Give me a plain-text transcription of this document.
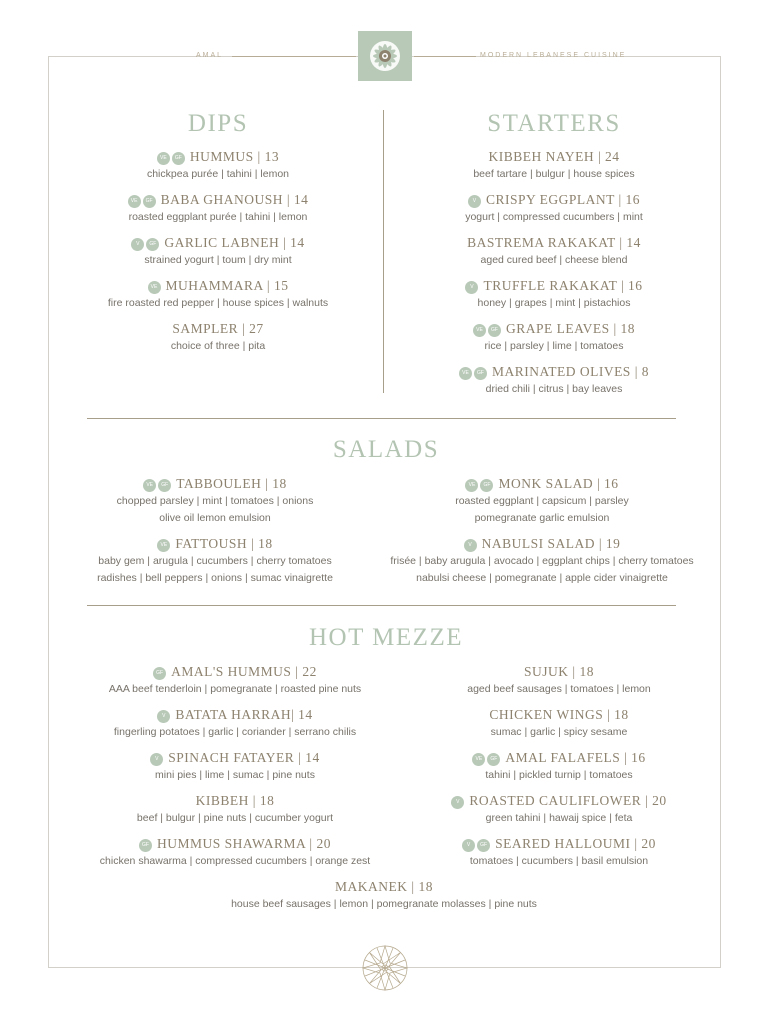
AMAL	MODERN LEBANESE CUISINE
DIPS	STARTERS
SALADS
HOT MEZZE
VE GF HUMMUS | 13
chickpea purée | tahini | lemon
VE GF BABA GHANOUSH | 14
roasted eggplant purée | tahini | lemon
V GF GARLIC LABNEH | 14
strained yogurt | toum | dry mint
VE MUHAMMARA | 15
fire roasted red pepper | house spices | walnuts
SAMPLER | 27
choice of three | pita
KIBBEH NAYEH | 24
beef tartare | bulgur | house spices
V CRISPY EGGPLANT | 16
yogurt | compressed cucumbers | mint
BASTREMA RAKAKAT | 14
aged cured beef | cheese blend
V TRUFFLE RAKAKAT | 16
honey | grapes | mint | pistachios
VE GF GRAPE LEAVES | 18
rice | parsley | lime | tomatoes
VE GF MARINATED OLIVES | 8
dried chili | citrus | bay leaves
VE GF TABBOULEH | 18
chopped parsley | mint | tomatoes | onions
olive oil lemon emulsion
VE GF MONK SALAD | 16
roasted eggplant | capsicum | parsley
pomegranate garlic emulsion
VE FATTOUSH | 18
baby gem | arugula | cucumbers | cherry tomatoes
radishes | bell peppers | onions | sumac vinaigrette
V NABULSI SALAD | 19
frisée | baby arugula | avocado | eggplant chips | cherry tomatoes
nabulsi cheese | pomegranate | apple cider vinaigrette
GF AMAL'S HUMMUS | 22
AAA beef tenderloin | pomegranate | roasted pine nuts
SUJUK | 18
aged beef sausages | tomatoes | lemon
V BATATA HARRAH| 14
fingerling potatoes | garlic | coriander | serrano chilis
CHICKEN WINGS | 18
sumac | garlic | spicy sesame
V SPINACH FATAYER | 14
mini pies | lime | sumac | pine nuts
VE GF AMAL FALAFELS | 16
tahini | pickled turnip | tomatoes
KIBBEH | 18
beef | bulgur | pine nuts | cucumber yogurt
V ROASTED CAULIFLOWER | 20
green tahini | hawaij spice | feta
GF HUMMUS SHAWARMA | 20
chicken shawarma | compressed cucumbers | orange zest
V GF SEARED HALLOUMI | 20
tomatoes | cucumbers | basil emulsion
MAKANEK | 18
house beef sausages | lemon | pomegranate molasses | pine nuts
